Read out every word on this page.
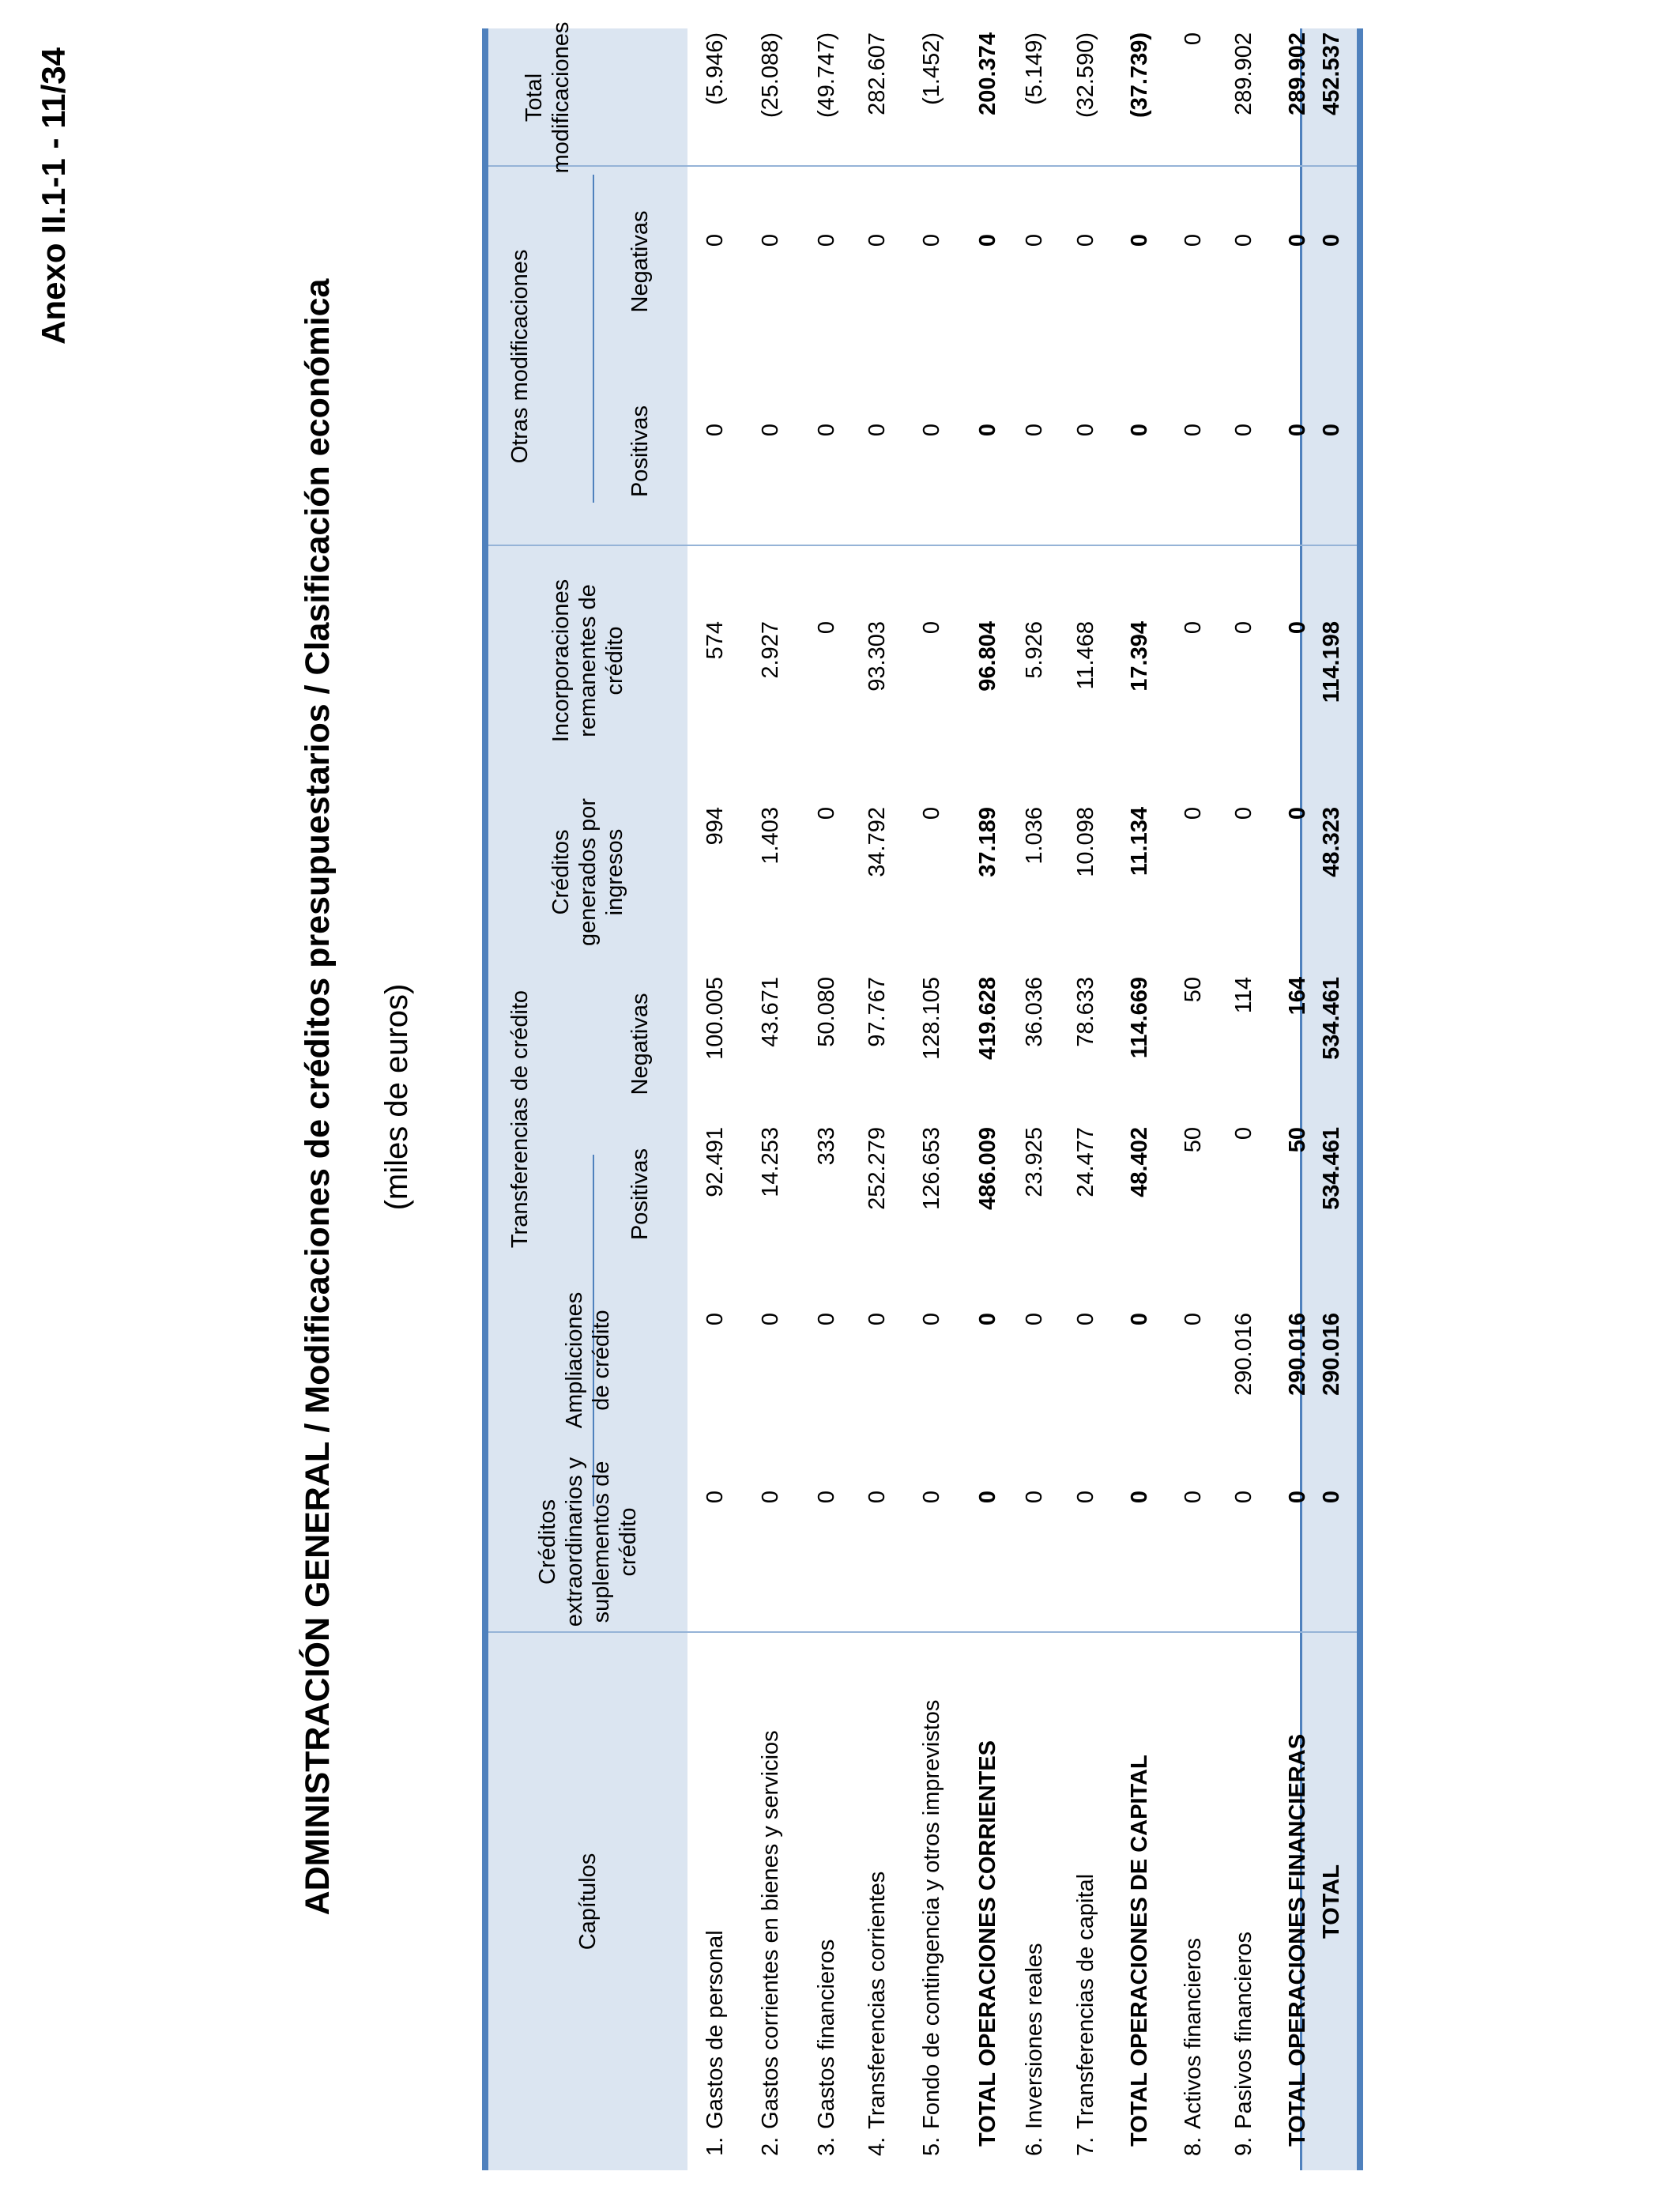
Anexo II.1-1 - 11/34
ADMINISTRACIÓN GENERAL / Modificaciones de créditos presupuestarios / Clasificación económica (miles de euros)
Capítulos
Créditos extraordinarios y suplementos de crédito
Ampliaciones de crédito
Transferencias de crédito	Positivas
Negativas
Créditos generados por ingresos
Incorporaciones remanentes de crédito
Otras modificaciones	Positivas
Negativas
Total modificaciones
1.
Gastos de personal
0
0
92.491
100.005
994
574
0
0
(5.946)
2.
Gastos corrientes en bienes y servicios
0
0
14.253
43.671
1.403
2.927
0
0
(25.088)
3.
Gastos financieros
0
0
333
50.080
0
0
0
0
(49.747)
4.
Transferencias corrientes
0
0
252.279
97.767
34.792
93.303
0
0
282.607
5.
Fondo de contingencia y otros imprevistos
0
0
126.653
128.105
0
0
0
0
(1.452)
TOTAL OPERACIONES CORRIENTES
0
0
486.009
419.628
37.189
96.804
0
0
200.374
6.
Inversiones reales
0
0
23.925
36.036
1.036
5.926
0
0
(5.149)
7.
Transferencias de capital
0
0
24.477
78.633
10.098
11.468
0
0
(32.590)
TOTAL OPERACIONES DE CAPITAL
0
0
48.402
114.669
11.134
17.394
0
0
(37.739)
8.
Activos financieros
0
0
50
50
0
0
0
0
0
9.
Pasivos financieros
0
290.016
0
114
0
0
0
0
289.902
TOTAL OPERACIONES FINANCIERAS
0
290.016
50
164
0
0
0
0
289.902
TOTAL
0
290.016
534.461
534.461
48.323
114.198
0
0
452.537
